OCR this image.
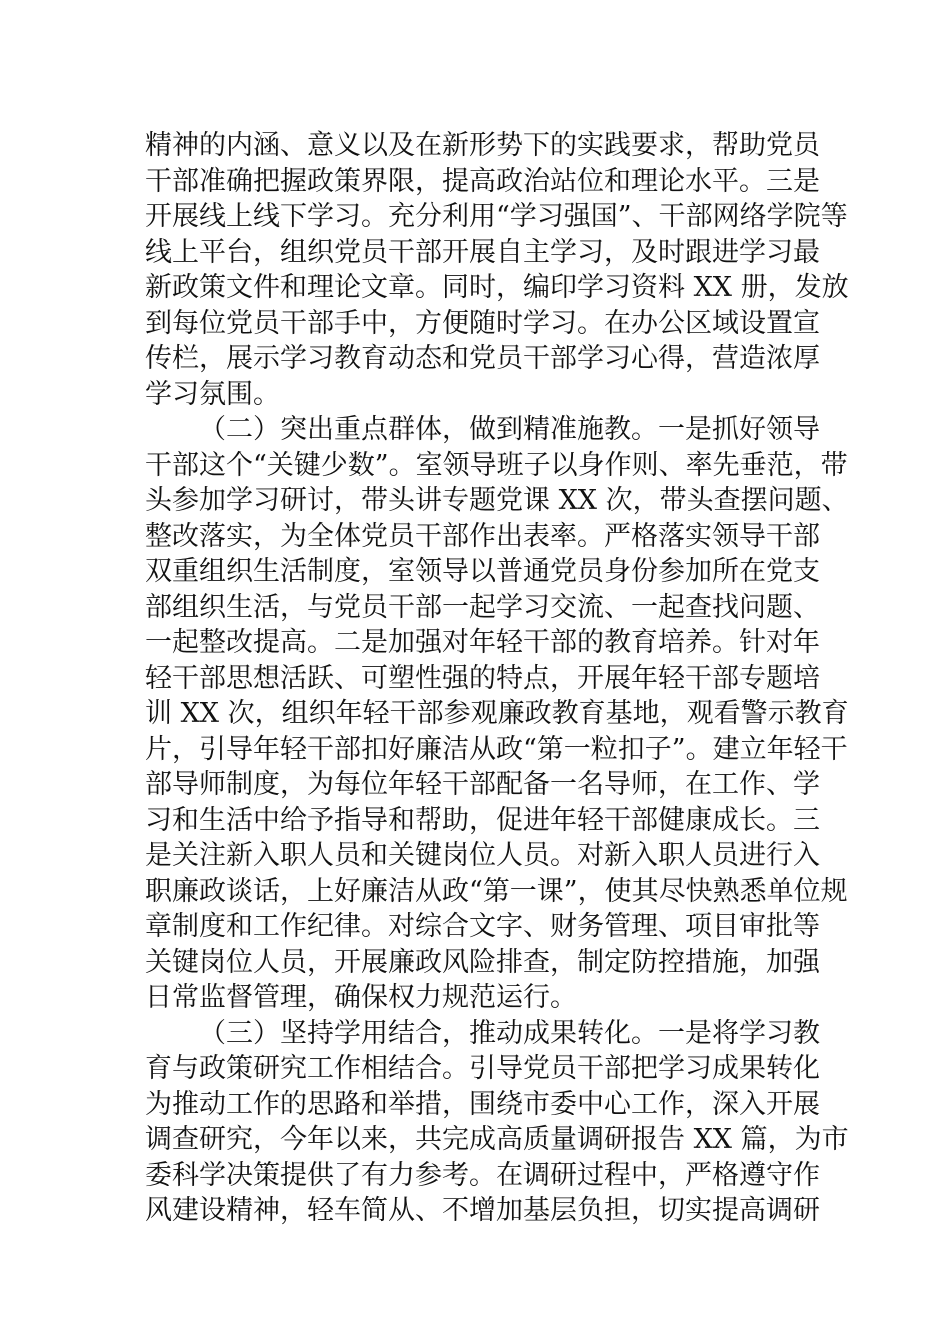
精神的内涵、意义以及在新形势下的实践要求，帮助党员
干部准确把握政策界限，提高政治站位和理论水平。三是
开展线上线下学习。充分利用“学习强国”、干部网络学院等
线上平台，组织党员干部开展自主学习，及时跟进学习最
新政策文件和理论文章。同时，编印学习资料 XX 册，发放
到每位党员干部手中，方便随时学习。在办公区域设置宣
传栏，展示学习教育动态和党员干部学习心得，营造浓厚
学习氛围。
（二）突出重点群体，做到精准施教。一是抓好领导
干部这个“关键少数”。室领导班子以身作则、率先垂范，带
头参加学习研讨，带头讲专题党课 XX 次，带头查摆问题、
整改落实，为全体党员干部作出表率。严格落实领导干部
双重组织生活制度，室领导以普通党员身份参加所在党支
部组织生活，与党员干部一起学习交流、一起查找问题、
一起整改提高。二是加强对年轻干部的教育培养。针对年
轻干部思想活跃、可塑性强的特点，开展年轻干部专题培
训 XX 次，组织年轻干部参观廉政教育基地，观看警示教育
片，引导年轻干部扣好廉洁从政“第一粒扣子”。建立年轻干
部导师制度，为每位年轻干部配备一名导师，在工作、学
习和生活中给予指导和帮助，促进年轻干部健康成长。三
是关注新入职人员和关键岗位人员。对新入职人员进行入
职廉政谈话，上好廉洁从政“第一课”，使其尽快熟悉单位规
章制度和工作纪律。对综合文字、财务管理、项目审批等
关键岗位人员，开展廉政风险排查，制定防控措施，加强
日常监督管理，确保权力规范运行。
（三）坚持学用结合，推动成果转化。一是将学习教
育与政策研究工作相结合。引导党员干部把学习成果转化
为推动工作的思路和举措，围绕市委中心工作，深入开展
调查研究，今年以来，共完成高质量调研报告 XX 篇，为市
委科学决策提供了有力参考。在调研过程中，严格遵守作
风建设精神，轻车简从、不增加基层负担，切实提高调研
